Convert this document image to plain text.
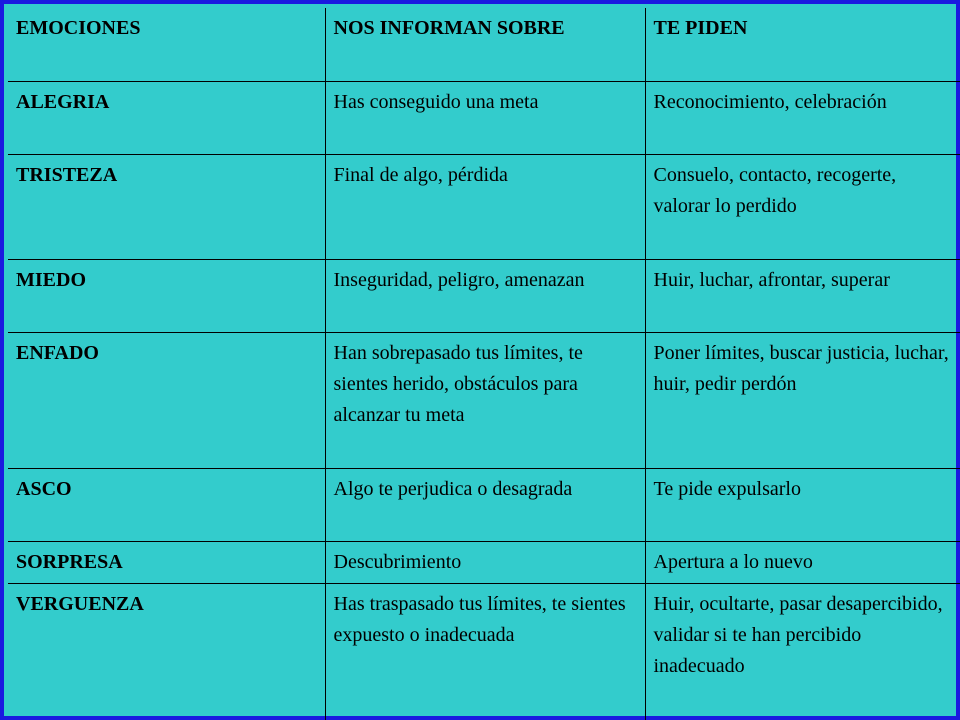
EMOCIONES	NOS INFORMAN SOBRE	TE PIDEN
ALEGRIA	Has conseguido una meta	Reconocimiento, celebración
TRISTEZA	Final de algo, pérdida	Consuelo, contacto, recogerte, valorar lo perdido
MIEDO	Inseguridad, peligro, amenazan	Huir, luchar, afrontar, superar
ENFADO	Han sobrepasado tus límites, te sientes herido, obstáculos para alcanzar tu meta	Poner límites, buscar justicia, luchar, huir, pedir perdón
ASCO	Algo te perjudica o desagrada	Te pide expulsarlo
SORPRESA	Descubrimiento	Apertura a lo nuevo
VERGUENZA	Has traspasado tus límites, te sientes expuesto o inadecuada	Huir, ocultarte, pasar desapercibido, validar si te han percibido inadecuado
